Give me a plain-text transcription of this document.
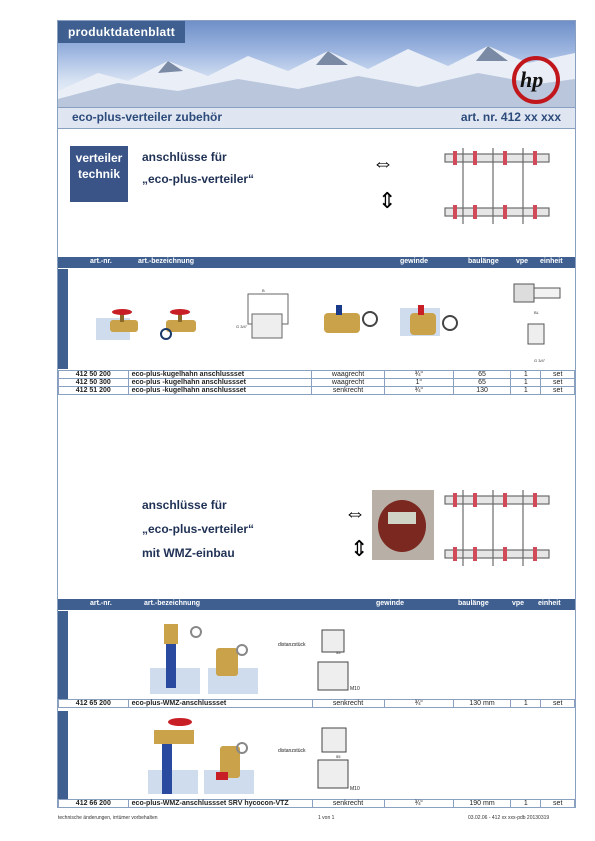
produktdatenblatt
hp
eco-plus-verteiler zubehör	art. nr. 412 xx xxx
verteiler
technik
anschlüsse für
„eco-plus-verteiler“
⇔
⇕
art.-nr.	art.-bezeichnung	gewinde	baulänge vpe einheit
B
G 3/4"
BL
G 3/4"
412 50 200	eco-plus-kugelhahn anschlussset	waagrecht	¾“	65	1	set
412 50 300	eco-plus -kugelhahn anschlussset	waagrecht	1“	65	1	set
412 51 200	eco-plus -kugelhahn anschlussset	senkrecht	¾“	130	1	set
anschlüsse für
„eco-plus-verteiler“
mit WMZ-einbau
⇔
⇕
art.-nr.	art.-bezeichnung	gewinde	baulänge	vpe einheit
distanzstück
55
M10
412 65 200	eco-plus-WMZ-anschlussset	senkrecht	¾“	130 mm	1	set
distanzstück
55
M10
412 66 200	eco-plus-WMZ-anschlussset SRV hycocon-VTZ	senkrecht	¾“	190 mm	1	set
technische änderungen, irrtümer vorbehalten	1 von 1	03.02.06 - 412 xx xxx-pdb 20130319
